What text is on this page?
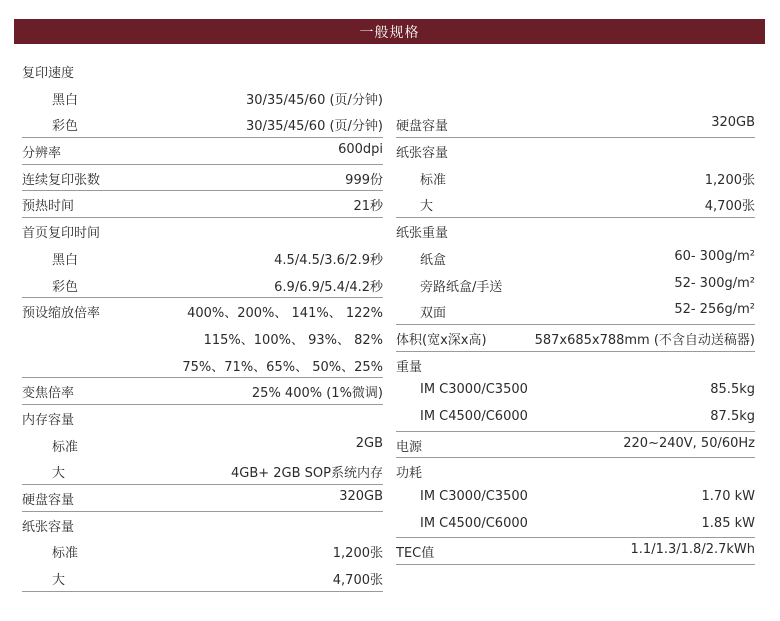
一般规格
复印速度
黑白	30/35/45/60 (页/分钟)
彩色	30/35/45/60 (页/分钟)
分辨率	600dpi
连续复印张数	999份
预热时间	21秒
首页复印时间
黑白	4.5/4.5/3.6/2.9秒
彩色	6.9/6.9/5.4/4.2秒
预设缩放倍率	400%、200%、 141%、 122%
115%、100%、 93%、 82%
75%、71%、65%、 50%、25%
变焦倍率	25% 400% (1%微调)
内存容量
标准	2GB
大	4GB+ 2GB SOP系统内存
硬盘容量	320GB
纸张容量
标准	1,200张
大	4,700张
硬盘容量	320GB
纸张容量
标准	1,200张
大	4,700张
纸张重量
纸盒	60- 300g/m²
旁路纸盒/手送	52- 300g/m²
双面	52- 256g/m²
体积(宽x深x高)	587x685x788mm (不含自动送稿器)
重量
IM C3000/C3500	85.5kg
IM C4500/C6000	87.5kg
电源	220~240V, 50/60Hz
功耗
IM C3000/C3500	1.70 kW
IM C4500/C6000	1.85 kW
TEC值	1.1/1.3/1.8/2.7kWh
